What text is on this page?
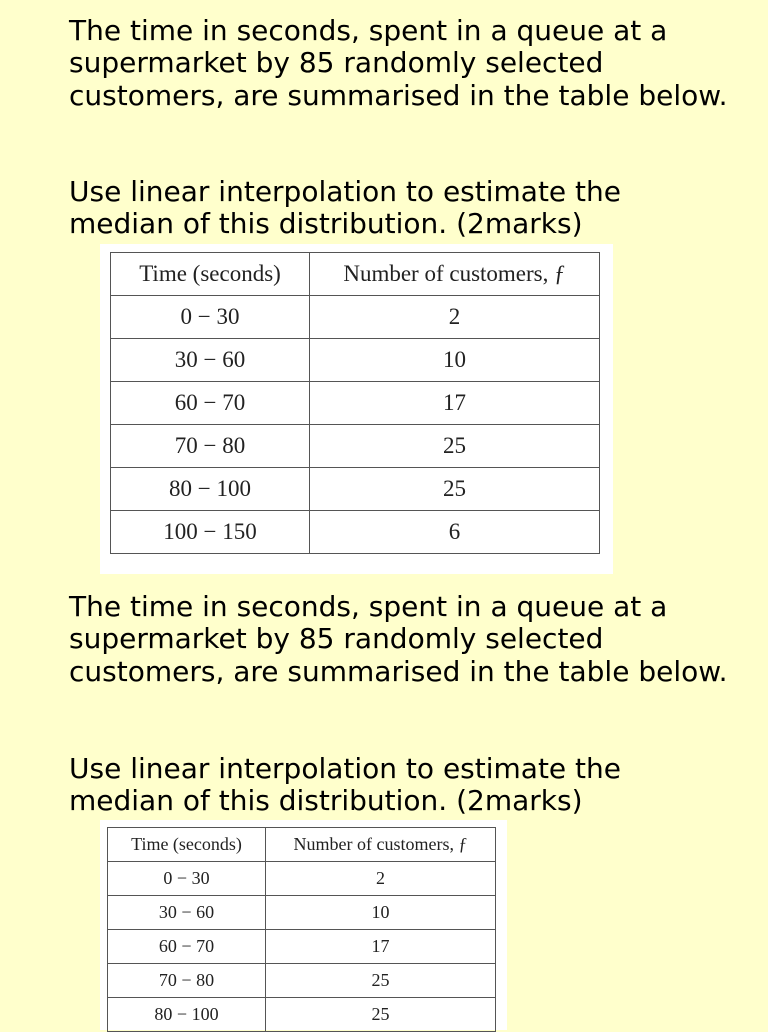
The time in seconds, spent in a queue at a supermarket by 85 randomly selected customers, are summarised in the table below.

Use linear interpolation to estimate the median of this distribution. (2marks)

Time (seconds)	Number of customers, ƒ
0 − 30	2
30 − 60	10
60 − 70	17
70 − 80	25
80 − 100	25
100 − 150	6

The time in seconds, spent in a queue at a supermarket by 85 randomly selected customers, are summarised in the table below.

Use linear interpolation to estimate the median of this distribution. (2marks)

Time (seconds)	Number of customers, ƒ
0 − 30	2
30 − 60	10
60 − 70	17
70 − 80	25
80 − 100	25
